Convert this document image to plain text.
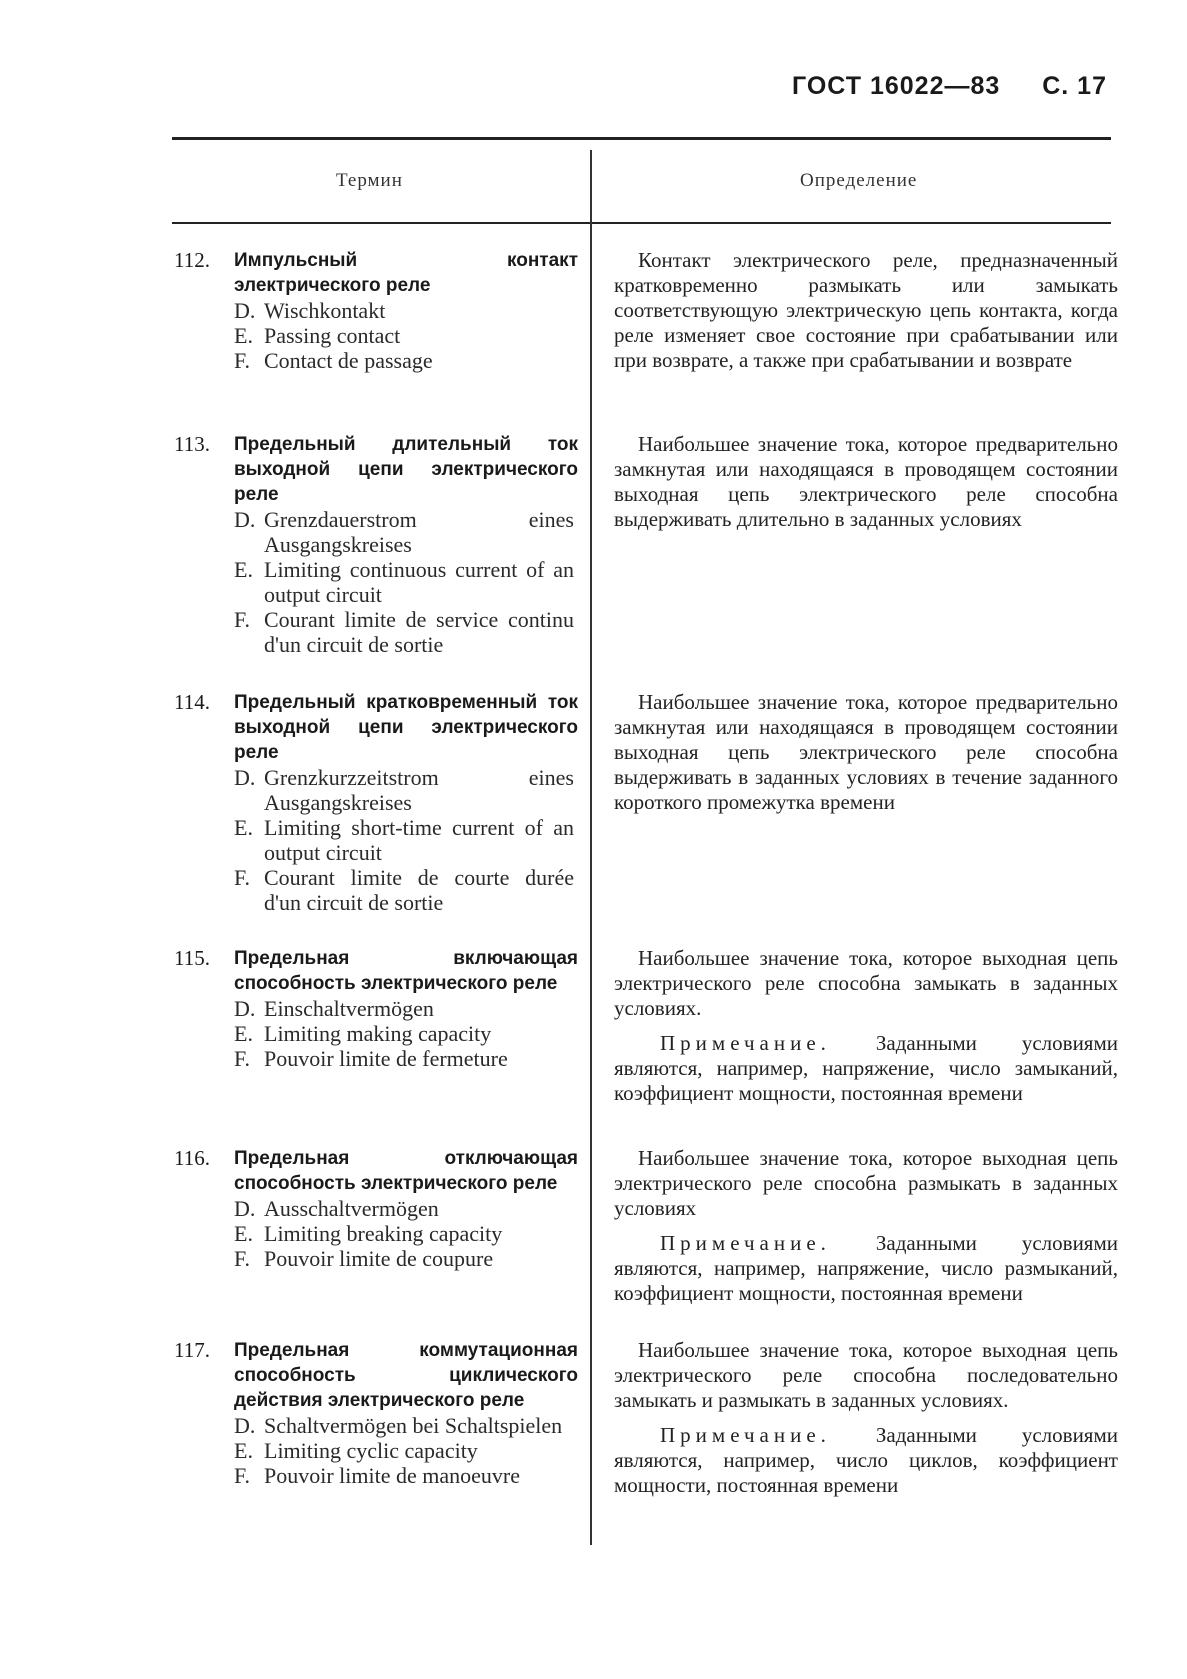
ГОСТ 16022—83 С. 17
Термин	Определение
112. Импульсный контакт электрического реле
D. Wischkontakt
E. Passing contact
F. Contact de passage

Контакт электрического реле, предназначенный кратковременно размыкать или замыкать соответствующую электрическую цепь контакта, когда реле изменяет свое состояние при срабатывании или при возврате, а также при срабатывании и возврате

113. Предельный длительный ток выходной цепи электрического реле
D. Grenzdauerstrom eines Ausgangskreises
E. Limiting continuous current of an output circuit
F. Courant limite de service continu d'un circuit de sortie

Наибольшее значение тока, которое предварительно замкнутая или находящаяся в проводящем состоянии выходная цепь электрического реле способна выдерживать длительно в заданных условиях

114. Предельный кратковременный ток выходной цепи электрического реле
D. Grenzkurzzeitstrom eines Ausgangskreises
E. Limiting short-time current of an output circuit
F. Courant limite de courte durée d'un circuit de sortie

Наибольшее значение тока, которое предварительно замкнутая или находящаяся в проводящем состоянии выходная цепь электрического реле способна выдерживать в заданных условиях в течение заданного короткого промежутка времени

115. Предельная включающая способность электрического реле
D. Einschaltvermögen
E. Limiting making capacity
F. Pouvoir limite de fermeture

Наибольшее значение тока, которое выходная цепь электрического реле способна замыкать в заданных условиях.

Примечание. Заданными условиями являются, например, напряжение, число замыканий, коэффициент мощности, постоянная времени

116. Предельная отключающая способность электрического реле
D. Ausschaltvermögen
E. Limiting breaking capacity
F. Pouvoir limite de coupure

Наибольшее значение тока, которое выходная цепь электрического реле способна размыкать в заданных условиях

Примечание. Заданными условиями являются, например, напряжение, число размыканий, коэффициент мощности, постоянная времени

117. Предельная коммутационная способность циклического действия электрического реле
D. Schaltvermögen bei Schaltspielen
E. Limiting cyclic capacity
F. Pouvoir limite de manoeuvre

Наибольшее значение тока, которое выходная цепь электрического реле способна последовательно замыкать и размыкать в заданных условиях.

Примечание. Заданными условиями являются, например, число циклов, коэффициент мощности, постоянная времени
